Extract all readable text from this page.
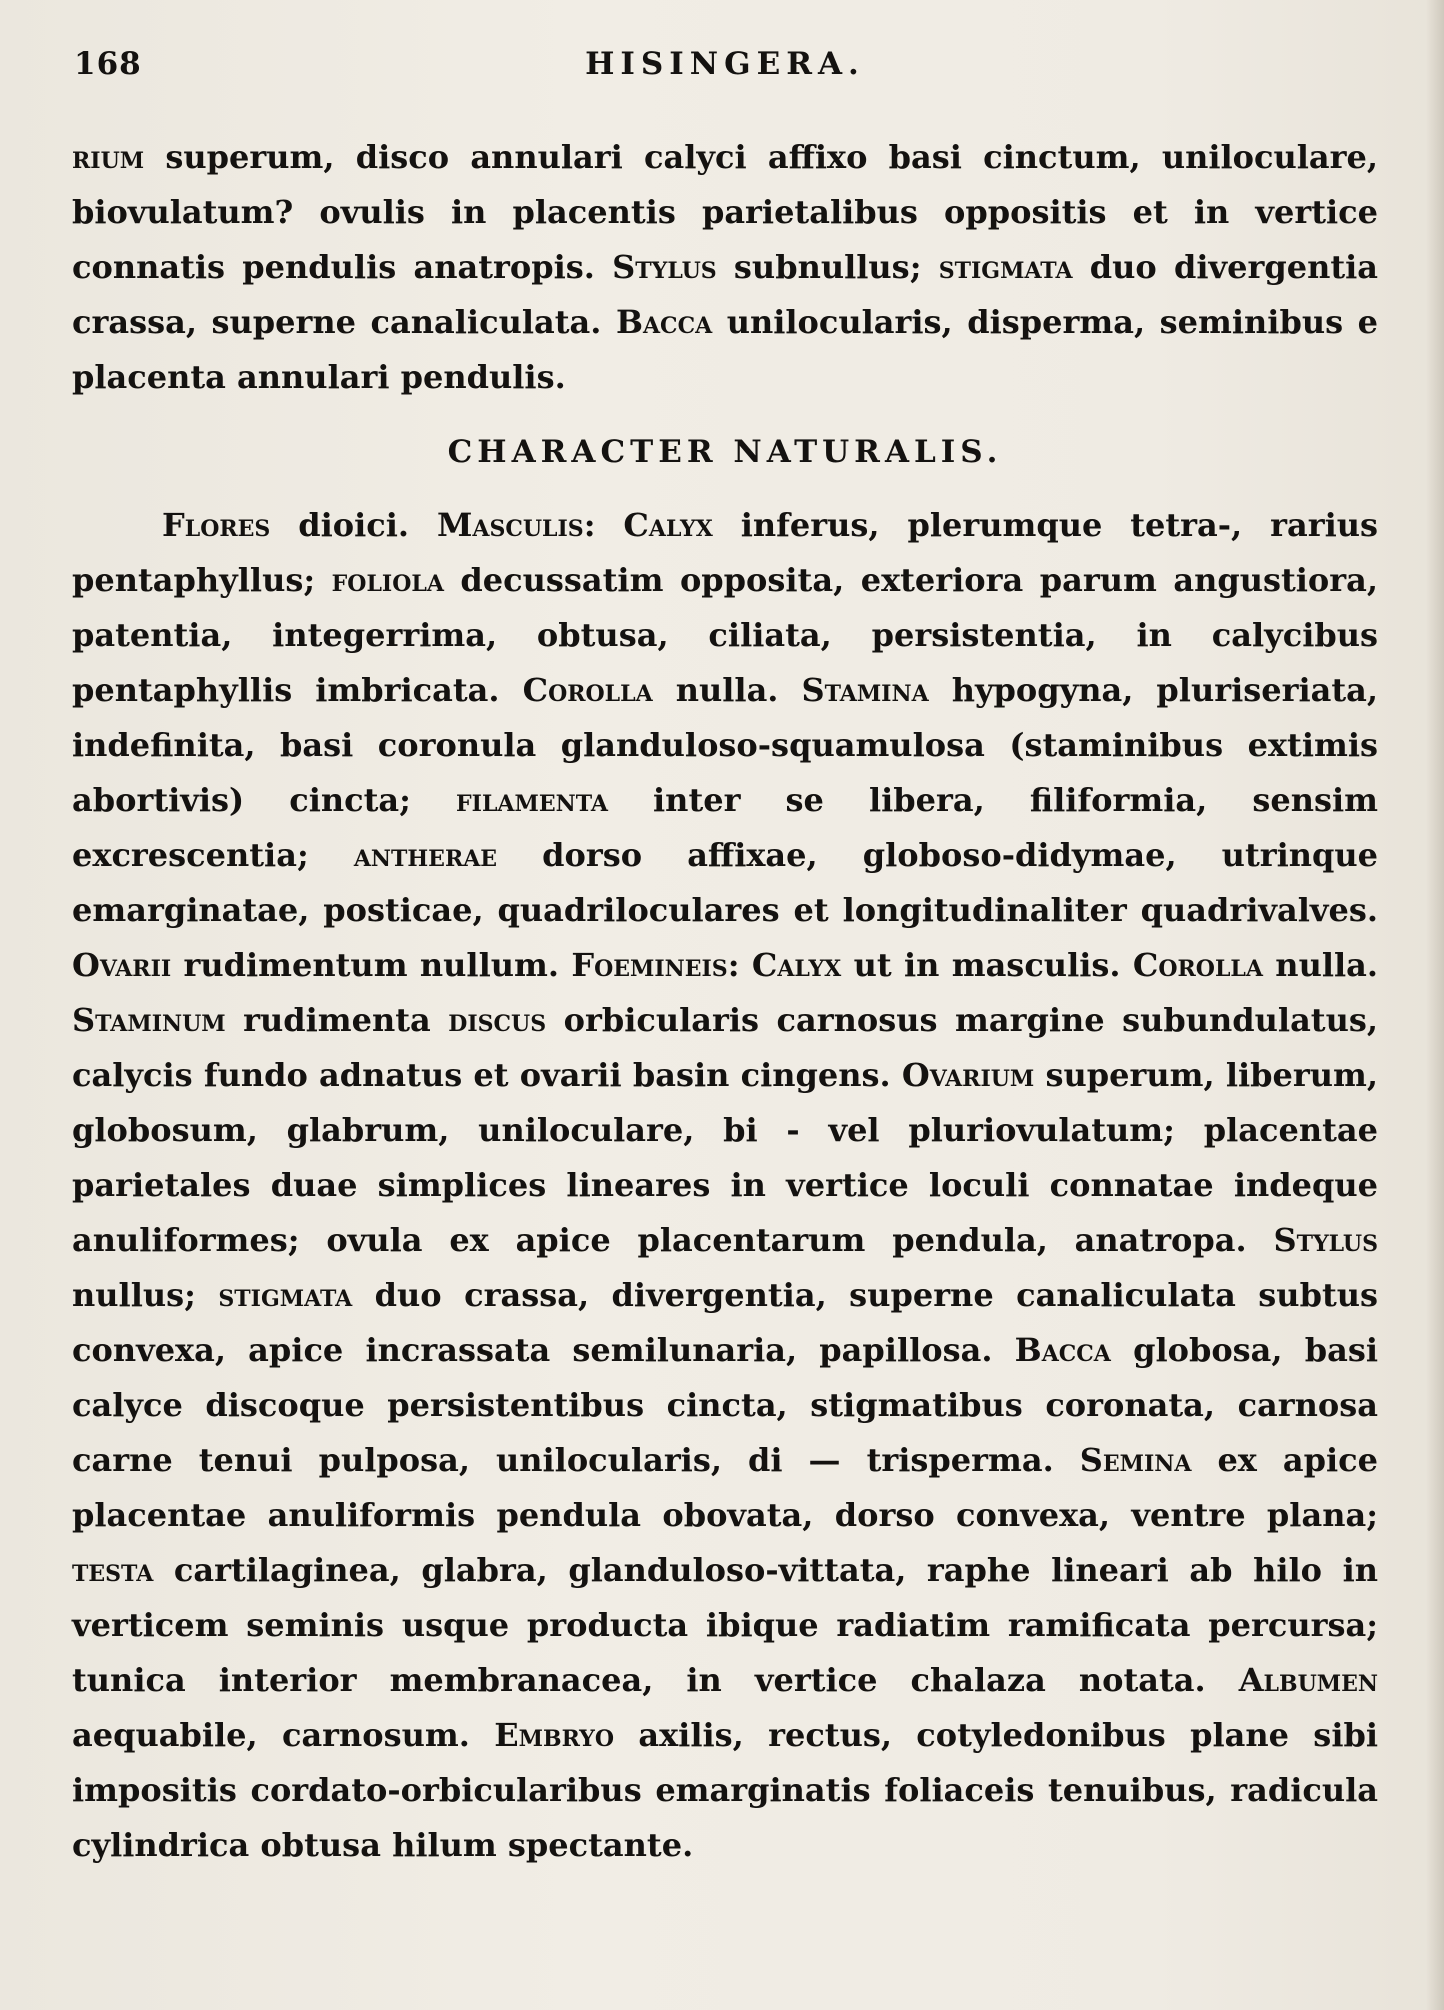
168	HISINGERA.

rium superum, disco annulari calyci affixo basi cinctum, uniloculare, biovulatum? ovulis in placentis parietalibus oppositis et in vertice connatis pendulis anatropis. Stylus subnullus; stigmata duo divergentia crassa, superne canaliculata. Bacca unilocularis, disperma, seminibus e placenta annulari pendulis.

CHARACTER NATURALIS.

Flores dioici. Masculis: Calyx inferus, plerumque tetra-, rarius pentaphyllus; foliola decussatim opposita, exteriora parum angustiora, patentia, integerrima, obtusa, ciliata, persistentia, in calycibus pentaphyllis imbricata. Corolla nulla. Stamina hypogyna, pluriseriata, indefinita, basi coronula glanduloso-squamulosa (staminibus extimis abortivis) cincta; filamenta inter se libera, filiformia, sensim excrescentia; antherae dorso affixae, globoso-didymae, utrinque emarginatae, posticae, quadriloculares et longitudinaliter quadrivalves. Ovarii rudimentum nullum. Foemineis: Calyx ut in masculis. Corolla nulla. Staminum rudimenta discus orbicularis carnosus margine subundulatus, calycis fundo adnatus et ovarii basin cingens. Ovarium superum, liberum, globosum, glabrum, uniloculare, bi - vel pluriovulatum; placentae parietales duae simplices lineares in vertice loculi connatae indeque anuliformes; ovula ex apice placentarum pendula, anatropa. Stylus nullus; stigmata duo crassa, divergentia, superne canaliculata subtus convexa, apice incrassata semilunaria, papillosa. Bacca globosa, basi calyce discoque persistentibus cincta, stigmatibus coronata, carnosa carne tenui pulposa, unilocularis, di — trisperma. Semina ex apice placentae anuliformis pendula obovata, dorso convexa, ventre plana; testa cartilaginea, glabra, glanduloso-vittata, raphe lineari ab hilo in verticem seminis usque producta ibique radiatim ramificata percursa; tunica interior membranacea, in vertice chalaza notata. Albumen aequabile, carnosum. Embryo axilis, rectus, cotyledonibus plane sibi impositis cordato-orbicularibus emarginatis foliaceis tenuibus, radicula cylindrica obtusa hilum spectante.
